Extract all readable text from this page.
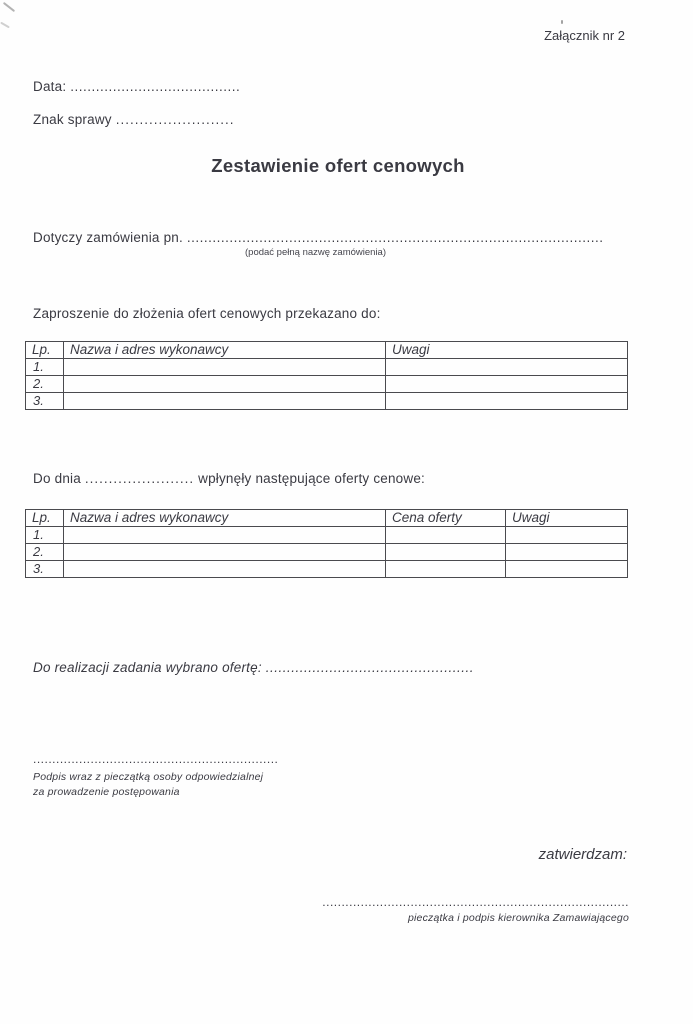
Załącznik nr 2
Data: ........................................
Znak sprawy .........................
Zestawienie ofert cenowych
Dotyczy zamówienia pn. ..................................................................................................
(podać pełną nazwę zamówienia)
Zaproszenie do złożenia ofert cenowych przekazano do:
Lp.	Nazwa i adres wykonawcy	Uwagi
1.		
2.		
3.		
Do dnia ....................... wpłynęły następujące oferty cenowe:
Lp.	Nazwa i adres wykonawcy	Cena oferty	Uwagi
1.			
2.			
3.			
Do realizacji zadania wybrano ofertę: .................................................
................................................................
Podpis wraz z pieczątką osoby odpowiedzialnej
za prowadzenie postępowania
zatwierdzam:
................................................................................
pieczątka i podpis kierownika Zamawiającego
